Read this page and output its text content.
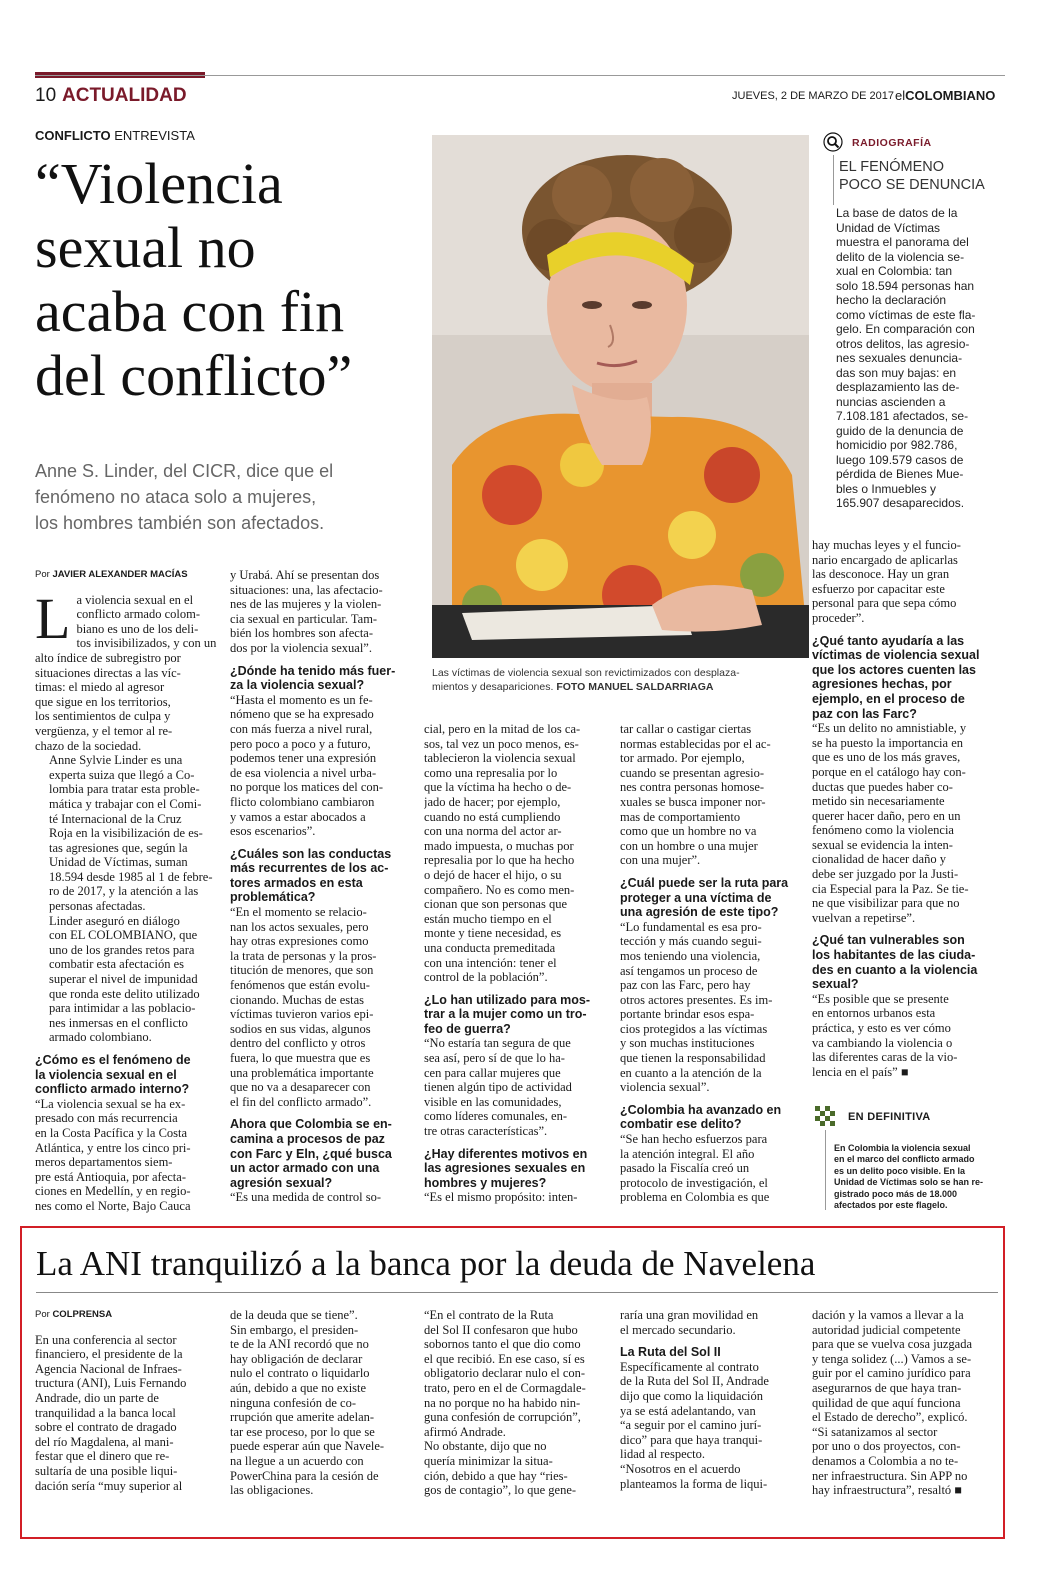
10 ACTUALIDAD	JUEVES, 2 DE MARZO DE 2017 elCOLOMBIANO
CONFLICTO ENTREVISTA
“Violencia
sexual no
acaba con fin
del conflicto”
Anne S. Linder, del CICR, dice que el
fenómeno no ataca solo a mujeres,
los hombres también son afectados.
Las víctimas de violencia sexual son revictimizados con desplaza-
mientos y desapariciones. FOTO MANUEL SALDARRIAGA
RADIOGRAFÍA
EL FENÓMENO
POCO SE DENUNCIA
La base de datos de la
Unidad de Víctimas
muestra el panorama del
delito de la violencia se-
xual en Colombia: tan
solo 18.594 personas han
hecho la declaración
como víctimas de este fla-
gelo. En comparación con
otros delitos, las agresio-
nes sexuales denuncia-
das son muy bajas: en
desplazamiento las de-
nuncias ascienden a
7.108.181 afectados, se-
guido de la denuncia de
homicidio por 982.786,
luego 109.579 casos de
pérdida de Bienes Mue-
bles o Inmuebles y
165.907 desaparecidos.
Por JAVIER ALEXANDER MACÍAS
L a violencia sexual en el
conflicto armado colom-
biano es uno de los deli-
tos invisibilizados, y con un
alto índice de subregistro por
situaciones directas a las víc-
timas: el miedo al agresor
que sigue en los territorios,
los sentimientos de culpa y
vergüenza, y el temor al re-
chazo de la sociedad.
Anne Sylvie Linder es una
experta suiza que llegó a Co-
lombia para tratar esta proble-
mática y trabajar con el Comi-
té Internacional de la Cruz
Roja en la visibilización de es-
tas agresiones que, según la
Unidad de Víctimas, suman
18.594 desde 1985 al 1 de febre-
ro de 2017, y la atención a las
personas afectadas.
Linder aseguró en diálogo
con EL COLOMBIANO, que
uno de los grandes retos para
combatir esta afectación es
superar el nivel de impunidad
que ronda este delito utilizado
para intimidar a las poblacio-
nes inmersas en el conflicto
armado colombiano.
¿Cómo es el fenómeno de
la violencia sexual en el
conflicto armado interno?
“La violencia sexual se ha ex-
presado con más recurrencia
en la Costa Pacífica y la Costa
Atlántica, y entre los cinco pri-
meros departamentos siem-
pre está Antioquia, por afecta-
ciones en Medellín, y en regio-
nes como el Norte, Bajo Cauca
y Urabá. Ahí se presentan dos
situaciones: una, las afectacio-
nes de las mujeres y la violen-
cia sexual en particular. Tam-
bién los hombres son afecta-
dos por la violencia sexual”.
¿Dónde ha tenido más fuer-
za la violencia sexual?
“Hasta el momento es un fe-
nómeno que se ha expresado
con más fuerza a nivel rural,
pero poco a poco y a futuro,
podemos tener una expresión
de esa violencia a nivel urba-
no porque los matices del con-
flicto colombiano cambiaron
y vamos a estar abocados a
esos escenarios”.
¿Cuáles son las conductas
más recurrentes de los ac-
tores armados en esta
problemática?
“En el momento se relacio-
nan los actos sexuales, pero
hay otras expresiones como
la trata de personas y la pros-
titución de menores, que son
fenómenos que están evolu-
cionando. Muchas de estas
víctimas tuvieron varios epi-
sodios en sus vidas, algunos
dentro del conflicto y otros
fuera, lo que muestra que es
una problemática importante
que no va a desaparecer con
el fin del conflicto armado”.
Ahora que Colombia se en-
camina a procesos de paz
con Farc y Eln, ¿qué busca
un actor armado con una
agresión sexual?
“Es una medida de control so-
cial, pero en la mitad de los ca-
sos, tal vez un poco menos, es-
tablecieron la violencia sexual
como una represalia por lo
que la víctima ha hecho o de-
jado de hacer; por ejemplo,
cuando no está cumpliendo
con una norma del actor ar-
mado impuesta, o muchas por
represalia por lo que ha hecho
o dejó de hacer el hijo, o su
compañero. No es como men-
cionan que son personas que
están mucho tiempo en el
monte y tiene necesidad, es
una conducta premeditada
con una intención: tener el
control de la población”.
¿Lo han utilizado para mos-
trar a la mujer como un tro-
feo de guerra?
“No estaría tan segura de que
sea así, pero sí de que lo ha-
cen para callar mujeres que
tienen algún tipo de actividad
visible en las comunidades,
como líderes comunales, en-
tre otras características”.
¿Hay diferentes motivos en
las agresiones sexuales en
hombres y mujeres?
“Es el mismo propósito: inten-
tar callar o castigar ciertas
normas establecidas por el ac-
tor armado. Por ejemplo,
cuando se presentan agresio-
nes contra personas homose-
xuales se busca imponer nor-
mas de comportamiento
como que un hombre no va
con un hombre o una mujer
con una mujer”.
¿Cuál puede ser la ruta para
proteger a una víctima de
una agresión de este tipo?
“Lo fundamental es esa pro-
tección y más cuando segui-
mos teniendo una violencia,
así tengamos un proceso de
paz con las Farc, pero hay
otros actores presentes. Es im-
portante brindar esos espa-
cios protegidos a las víctimas
y son muchas instituciones
que tienen la responsabilidad
en cuanto a la atención de la
violencia sexual”.
¿Colombia ha avanzado en
combatir ese delito?
“Se han hecho esfuerzos para
la atención integral. El año
pasado la Fiscalía creó un
protocolo de investigación, el
problema en Colombia es que
hay muchas leyes y el funcio-
nario encargado de aplicarlas
las desconoce. Hay un gran
esfuerzo por capacitar este
personal para que sepa cómo
proceder”.
¿Qué tanto ayudaría a las
víctimas de violencia sexual
que los actores cuenten las
agresiones hechas, por
ejemplo, en el proceso de
paz con las Farc?
“Es un delito no amnistiable, y
se ha puesto la importancia en
que es uno de los más graves,
porque en el catálogo hay con-
ductas que puedes haber co-
metido sin necesariamente
querer hacer daño, pero en un
fenómeno como la violencia
sexual se evidencia la inten-
cionalidad de hacer daño y
debe ser juzgado por la Justi-
cia Especial para la Paz. Se tie-
ne que visibilizar para que no
vuelvan a repetirse”.
¿Qué tan vulnerables son
los habitantes de las ciuda-
des en cuanto a la violencia
sexual?
“Es posible que se presente
en entornos urbanos esta
práctica, y esto es ver cómo
va cambiando la violencia o
las diferentes caras de la vio-
lencia en el país” ■
EN DEFINITIVA
En Colombia la violencia sexual
en el marco del conflicto armado
es un delito poco visible. En la
Unidad de Víctimas solo se han re-
gistrado poco más de 18.000
afectados por este flagelo.
La ANI tranquilizó a la banca por la deuda de Navelena
Por COLPRENSA
En una conferencia al sector
financiero, el presidente de la
Agencia Nacional de Infraes-
tructura (ANI), Luis Fernando
Andrade, dio un parte de
tranquilidad a la banca local
sobre el contrato de dragado
del río Magdalena, al mani-
festar que el dinero que re-
sultaría de una posible liqui-
dación sería “muy superior al
de la deuda que se tiene”.
Sin embargo, el presiden-
te de la ANI recordó que no
hay obligación de declarar
nulo el contrato o liquidarlo
aún, debido a que no existe
ninguna confesión de co-
rrupción que amerite adelan-
tar ese proceso, por lo que se
puede esperar aún que Navele-
na llegue a un acuerdo con
PowerChina para la cesión de
las obligaciones.
“En el contrato de la Ruta
del Sol II confesaron que hubo
sobornos tanto el que dio como
el que recibió. En ese caso, sí es
obligatorio declarar nulo el con-
trato, pero en el de Cormagdale-
na no porque no ha habido nin-
guna confesión de corrupción”,
afirmó Andrade.
No obstante, dijo que no
quería minimizar la situa-
ción, debido a que hay “ries-
gos de contagio”, lo que gene-
raría una gran movilidad en
el mercado secundario.
La Ruta del Sol II
Específicamente al contrato
de la Ruta del Sol II, Andrade
dijo que como la liquidación
ya se está adelantando, van
“a seguir por el camino jurí-
dico” para que haya tranqui-
lidad al respecto.
“Nosotros en el acuerdo
planteamos la forma de liqui-
dación y la vamos a llevar a la
autoridad judicial competente
para que se vuelva cosa juzgada
y tenga solidez (...) Vamos a se-
guir por el camino jurídico para
asegurarnos de que haya tran-
quilidad de que aquí funciona
el Estado de derecho”, explicó.
“Si satanizamos al sector
por uno o dos proyectos, con-
denamos a Colombia a no te-
ner infraestructura. Sin APP no
hay infraestructura”, resaltó ■
